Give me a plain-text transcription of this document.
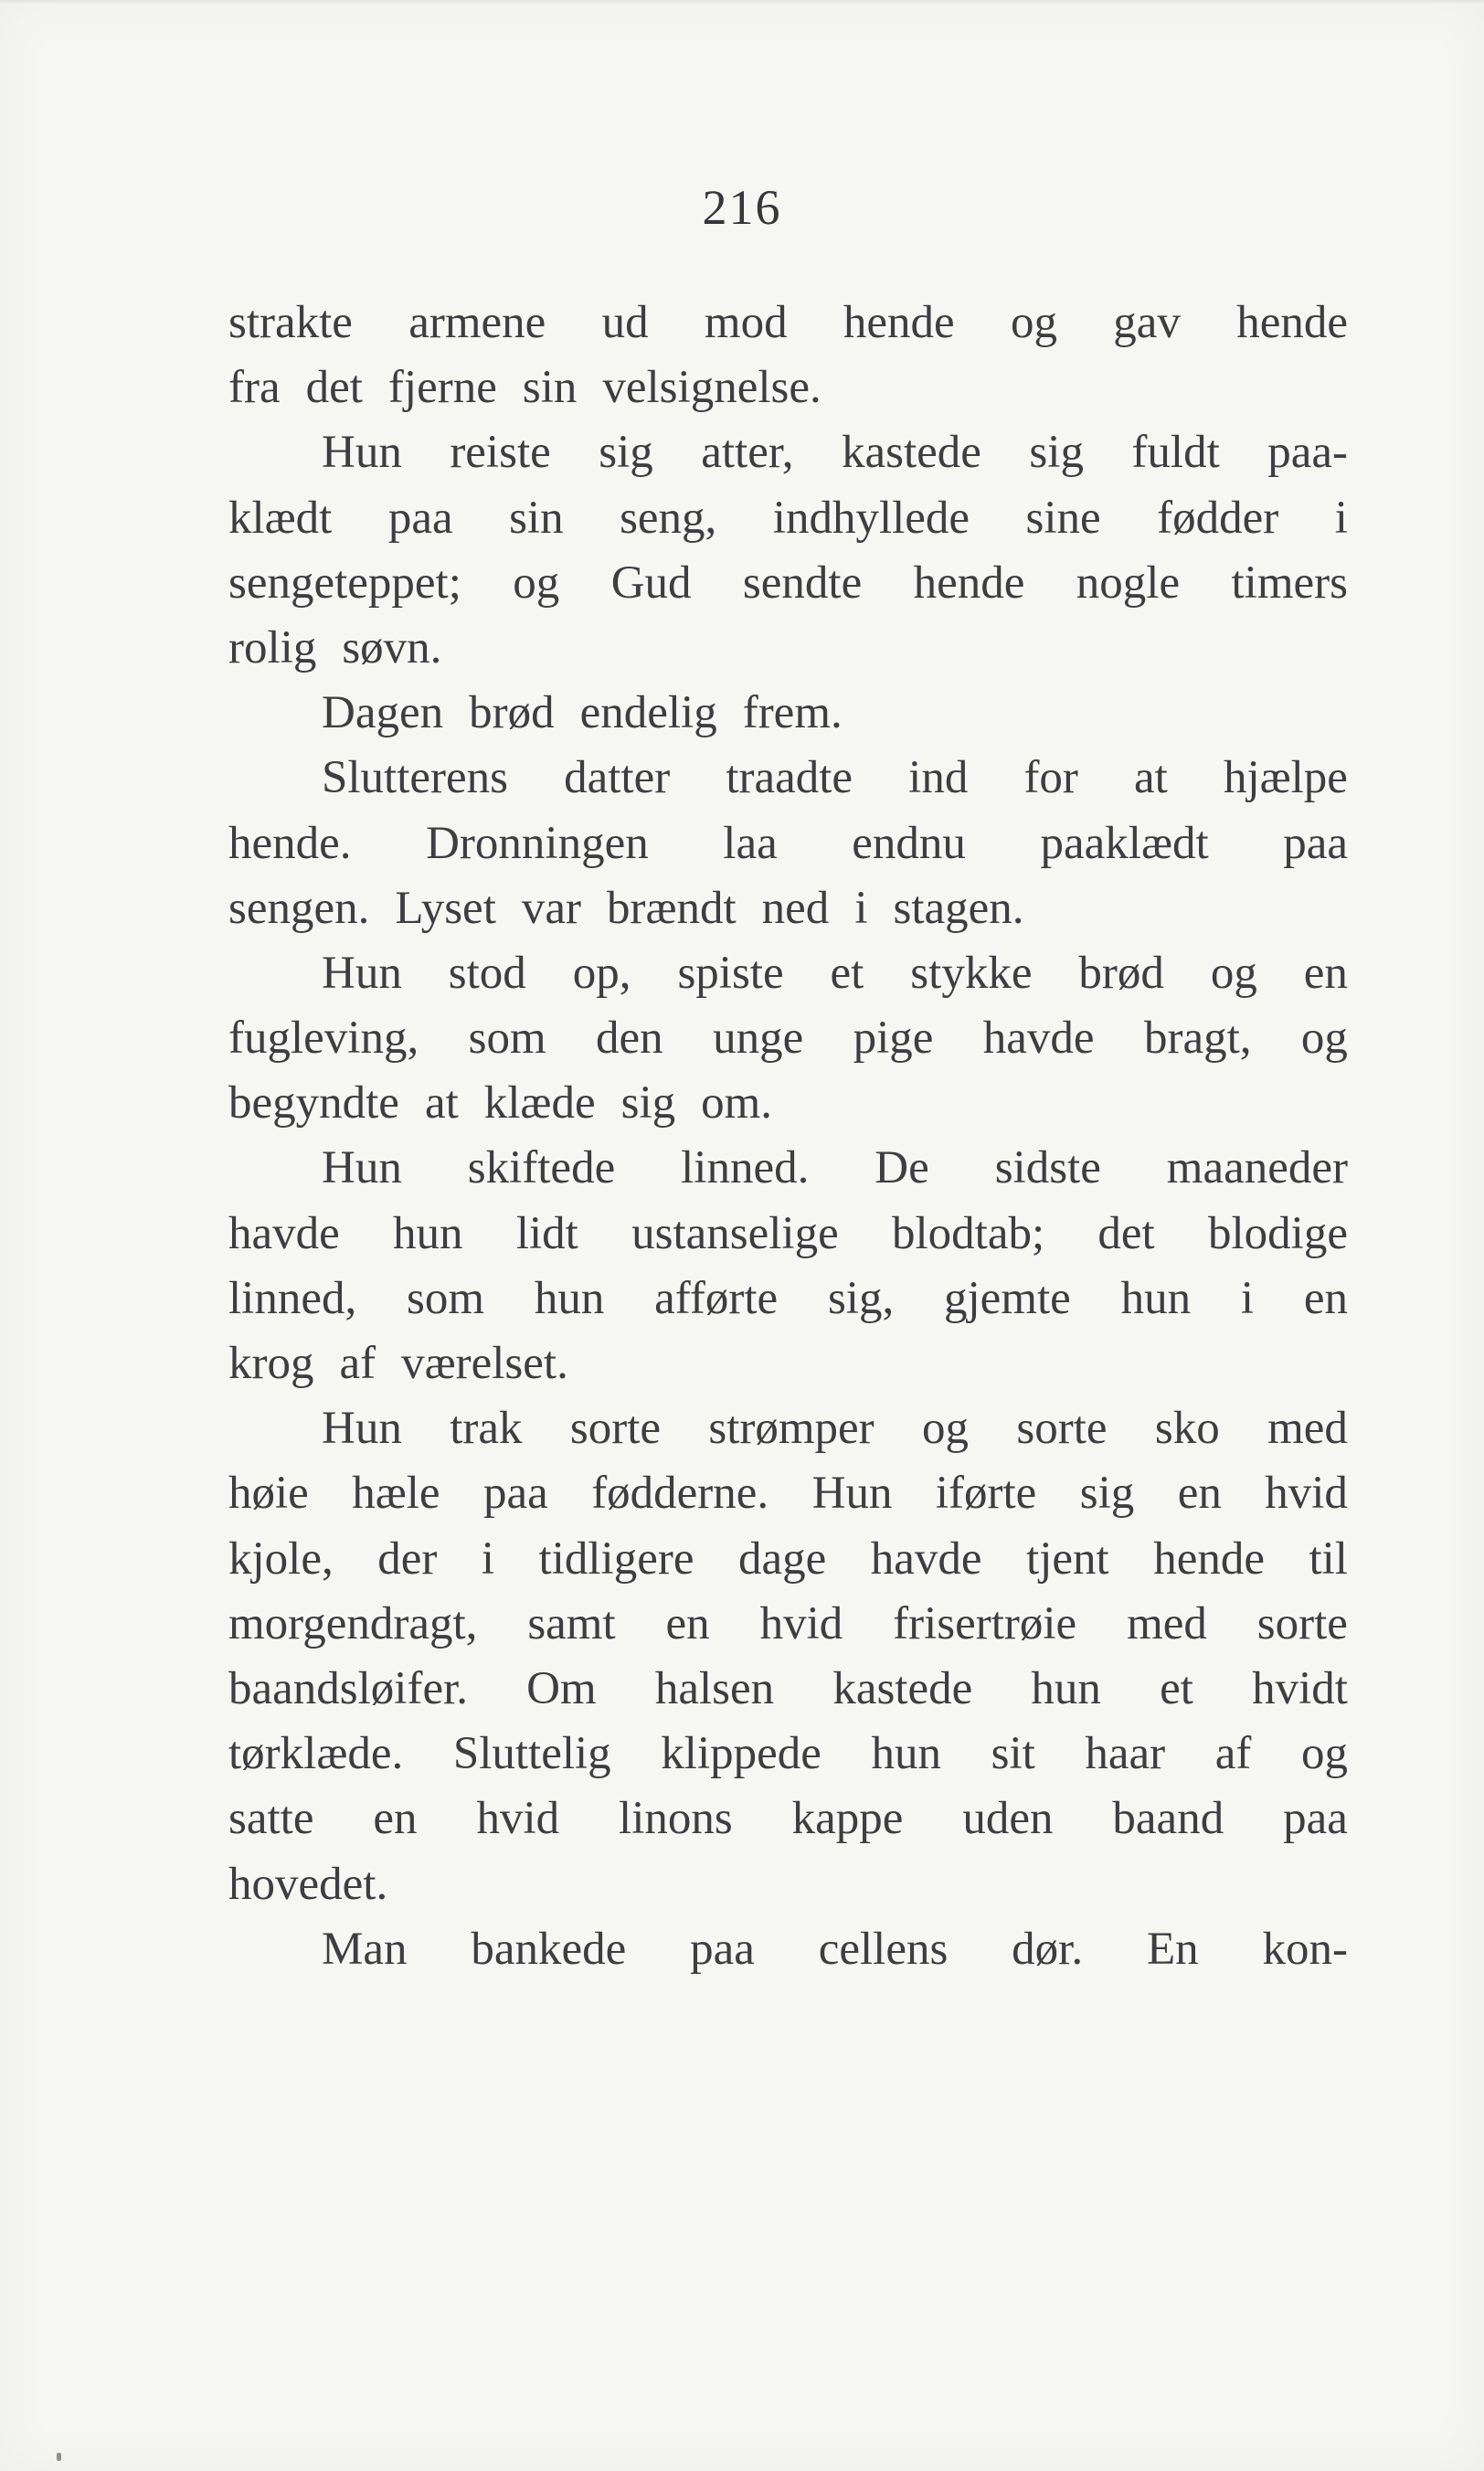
216
strakte armene ud mod hende og gav hende
fra det fjerne sin velsignelse.
Hun reiste sig atter, kastede sig fuldt paa-
klædt paa sin seng, indhyllede sine fødder i
sengeteppet; og Gud sendte hende nogle timers
rolig søvn.
Dagen brød endelig frem.
Slutterens datter traadte ind for at hjælpe
hende. Dronningen laa endnu paaklædt paa
sengen. Lyset var brændt ned i stagen.
Hun stod op, spiste et stykke brød og en
fugleving, som den unge pige havde bragt, og
begyndte at klæde sig om.
Hun skiftede linned. De sidste maaneder
havde hun lidt ustanselige blodtab; det blodige
linned, som hun afførte sig, gjemte hun i en
krog af værelset.
Hun trak sorte strømper og sorte sko med
høie hæle paa fødderne. Hun iførte sig en hvid
kjole, der i tidligere dage havde tjent hende til
morgendragt, samt en hvid frisertrøie med sorte
baandsløifer. Om halsen kastede hun et hvidt
tørklæde. Sluttelig klippede hun sit haar af og
satte en hvid linons kappe uden baand paa
hovedet.
Man bankede paa cellens dør. En kon-
